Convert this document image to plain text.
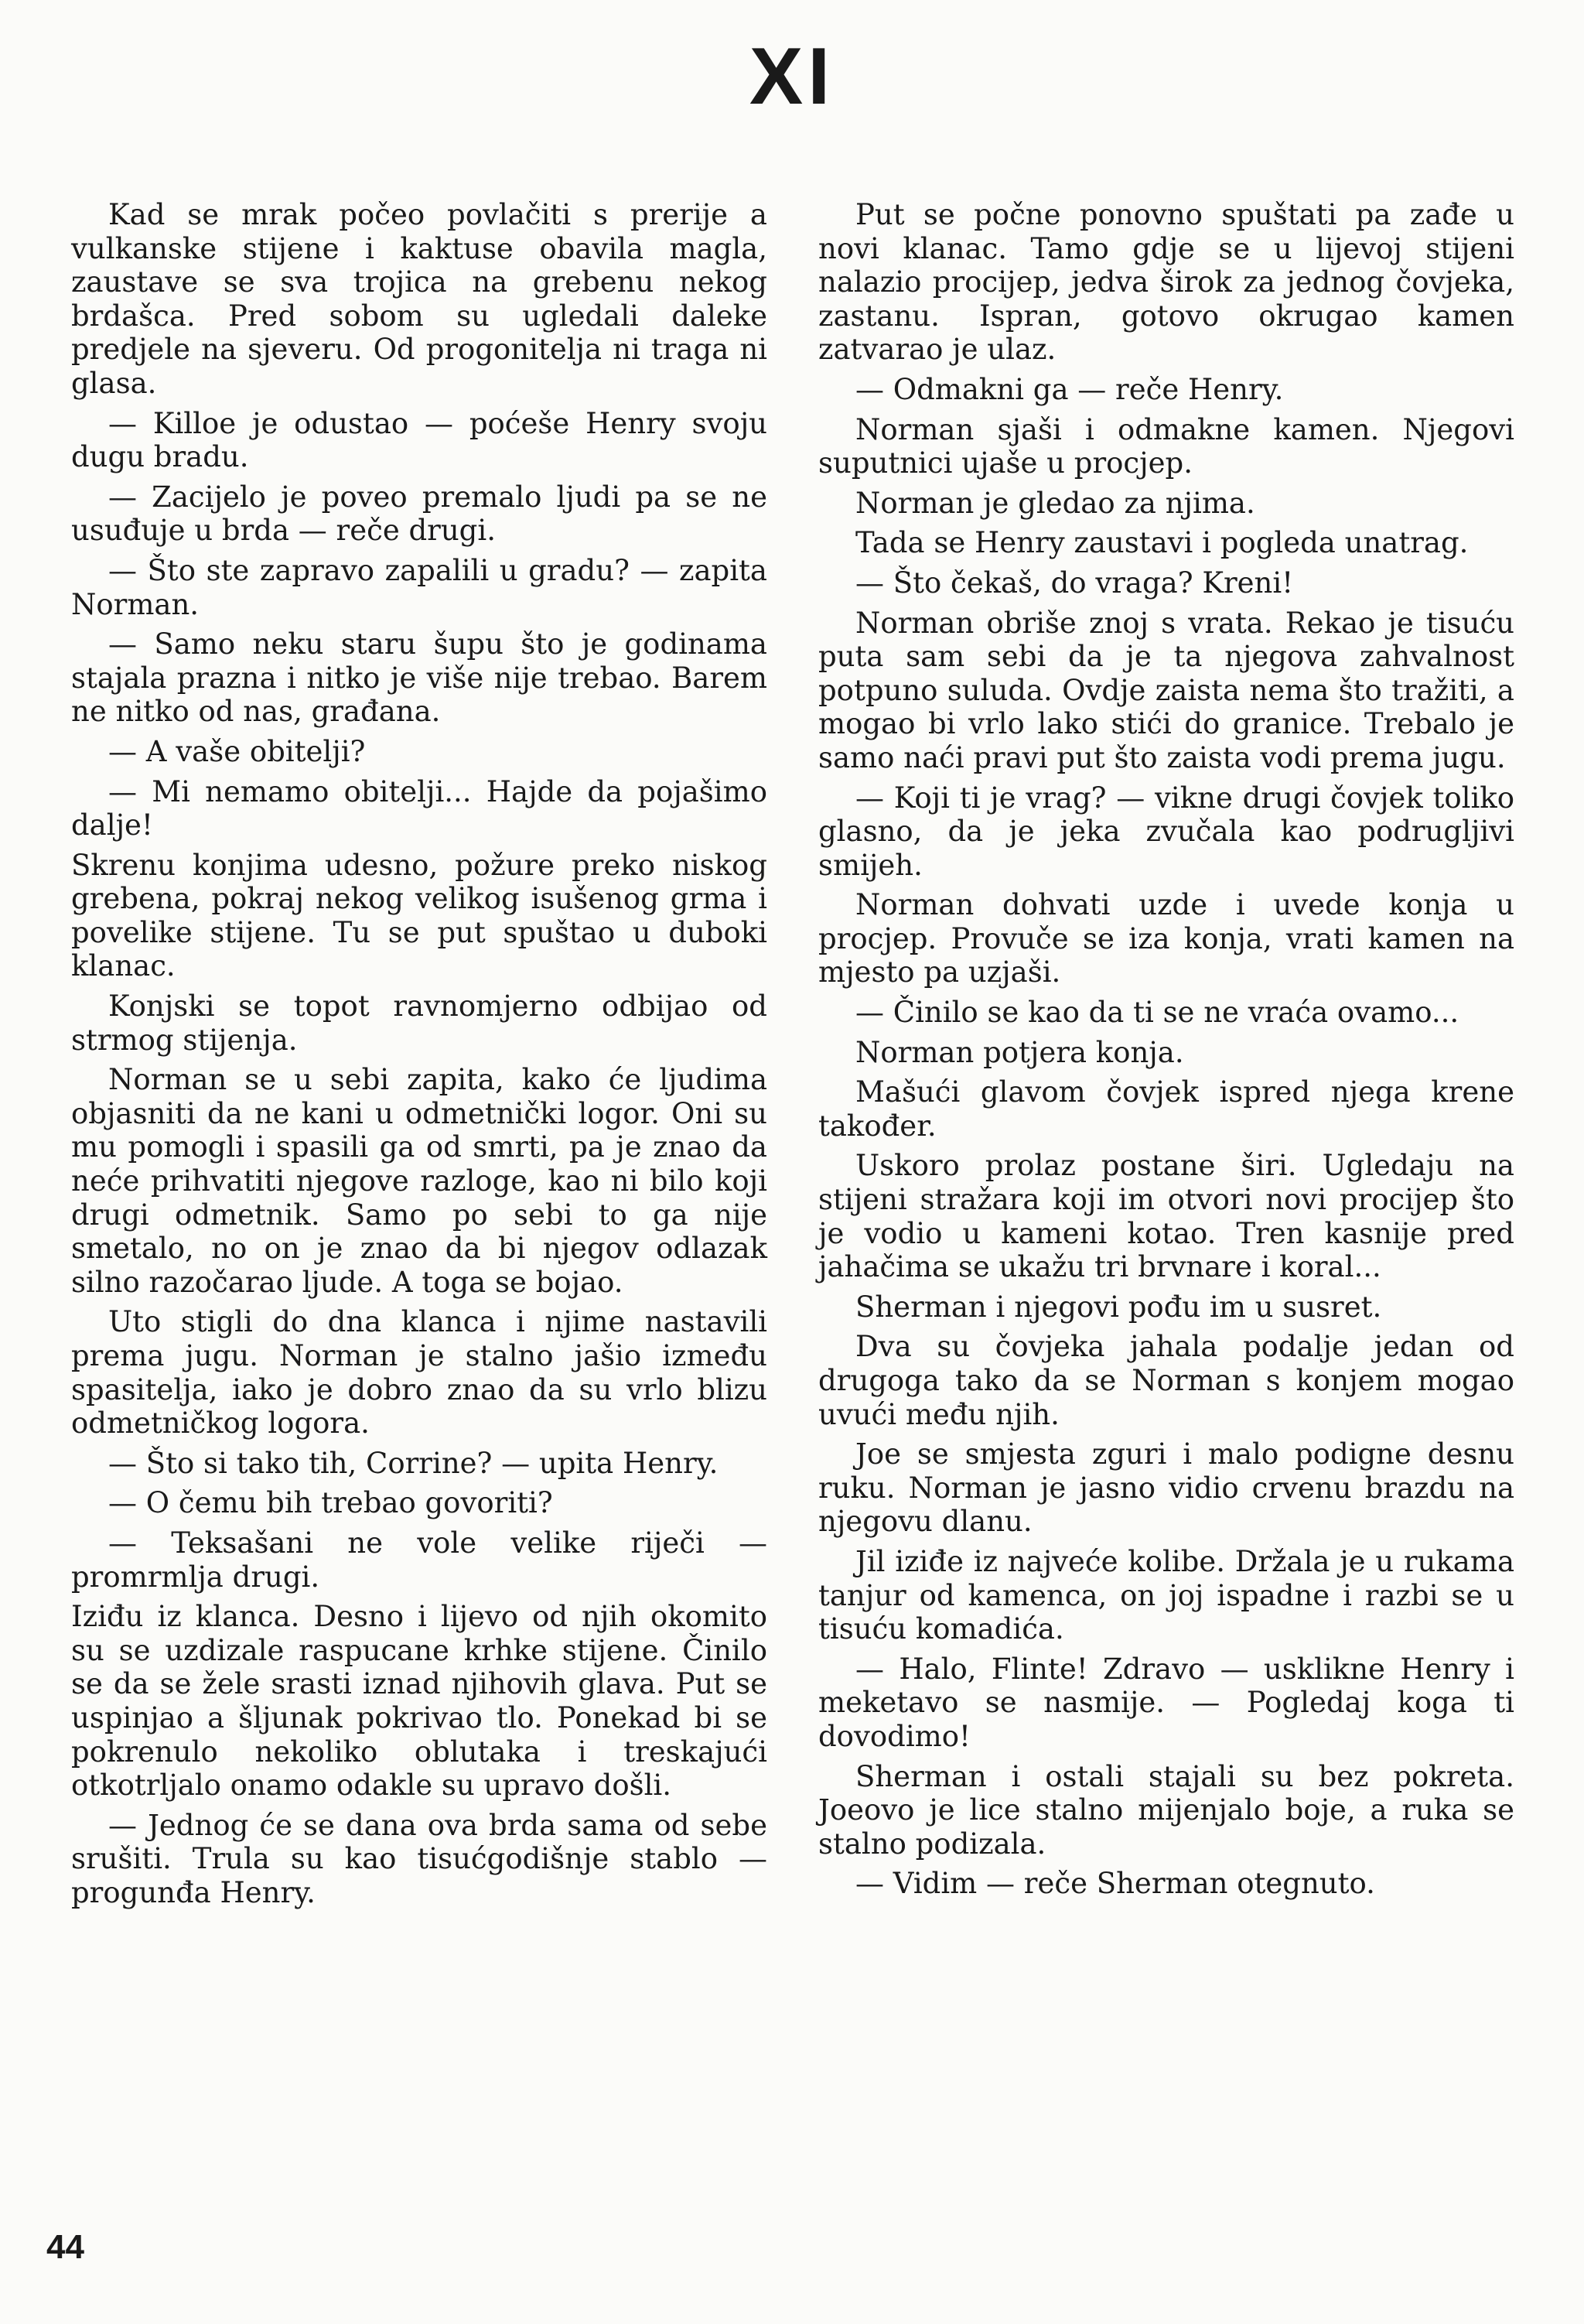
XI

Kad se mrak počeo povlačiti s prerije a vulkanske stijene i kaktuse obavila magla, zaustave se sva trojica na grebenu nekog brdašca. Pred sobom su ugledali daleke predjele na sjeveru. Od progonitelja ni traga ni glasa.

— Killoe je odustao — poćeše Henry svoju dugu bradu.

— Zacijelo je poveo premalo ljudi pa se ne usuđuje u brda — reče drugi.

— Što ste zapravo zapalili u gradu? — zapita Norman.

— Samo neku staru šupu što je godinama stajala prazna i nitko je više nije trebao. Barem ne nitko od nas, građana.

— A vaše obitelji?

— Mi nemamo obitelji... Hajde da pojašimo dalje!

Skrenu konjima udesno, požure preko niskog grebena, pokraj nekog velikog isušenog grma i povelike stijene. Tu se put spuštao u duboki klanac.

Konjski se topot ravnomjerno odbijao od strmog stijenja.

Norman se u sebi zapita, kako će ljudima objasniti da ne kani u odmetnički logor. Oni su mu pomogli i spasili ga od smrti, pa je znao da neće prihvatiti njegove razloge, kao ni bilo koji drugi odmetnik. Samo po sebi to ga nije smetalo, no on je znao da bi njegov odlazak silno razočarao ljude. A toga se bojao.

Uto stigli do dna klanca i njime nastavili prema jugu. Norman je stalno jašio između spasitelja, iako je dobro znao da su vrlo blizu odmetničkog logora.

— Što si tako tih, Corrine? — upita Henry.

— O čemu bih trebao govoriti?

— Teksašani ne vole velike riječi — promrmlja drugi.

Iziđu iz klanca. Desno i lijevo od njih okomito su se uzdizale raspucane krhke stijene. Činilo se da se žele srasti iznad njihovih glava. Put se uspinjao a šljunak pokrivao tlo. Ponekad bi se pokrenulo nekoliko oblutaka i treskajući otkotrljalo onamo odakle su upravo došli.

— Jednog će se dana ova brda sama od sebe srušiti. Trula su kao tisućgodišnje stablo — progunđa Henry.

Put se počne ponovno spuštati pa zađe u novi klanac. Tamo gdje se u lijevoj stijeni nalazio procijep, jedva širok za jednog čovjeka, zastanu. Ispran, gotovo okrugao kamen zatvarao je ulaz.

— Odmakni ga — reče Henry.

Norman sjaši i odmakne kamen. Njegovi suputnici ujaše u procjep.

Norman je gledao za njima.

Tada se Henry zaustavi i pogleda unatrag.

— Što čekaš, do vraga? Kreni!

Norman obriše znoj s vrata. Rekao je tisuću puta sam sebi da je ta njegova zahvalnost potpuno suluda. Ovdje zaista nema što tražiti, a mogao bi vrlo lako stići do granice. Trebalo je samo naći pravi put što zaista vodi prema jugu.

— Koji ti je vrag? — vikne drugi čovjek toliko glasno, da je jeka zvučala kao podrugljivi smijeh.

Norman dohvati uzde i uvede konja u procjep. Provuče se iza konja, vrati kamen na mjesto pa uzjaši.

— Činilo se kao da ti se ne vraća ovamo...

Norman potjera konja.

Mašući glavom čovjek ispred njega krene također.

Uskoro prolaz postane širi. Ugledaju na stijeni stražara koji im otvori novi procijep što je vodio u kameni kotao. Tren kasnije pred jahačima se ukažu tri brvnare i koral...

Sherman i njegovi pođu im u susret.

Dva su čovjeka jahala podalje jedan od drugoga tako da se Norman s konjem mogao uvući među njih.

Joe se smjesta zguri i malo podigne desnu ruku. Norman je jasno vidio crvenu brazdu na njegovu dlanu.

Jil iziđe iz najveće kolibe. Držala je u rukama tanjur od kamenca, on joj ispadne i razbi se u tisuću komadića.

— Halo, Flinte! Zdravo — usklikne Henry i meketavo se nasmije. — Pogledaj koga ti dovodimo!

Sherman i ostali stajali su bez pokreta. Joeovo je lice stalno mijenjalo boje, a ruka se stalno podizala.

— Vidim — reče Sherman otegnuto.

44
